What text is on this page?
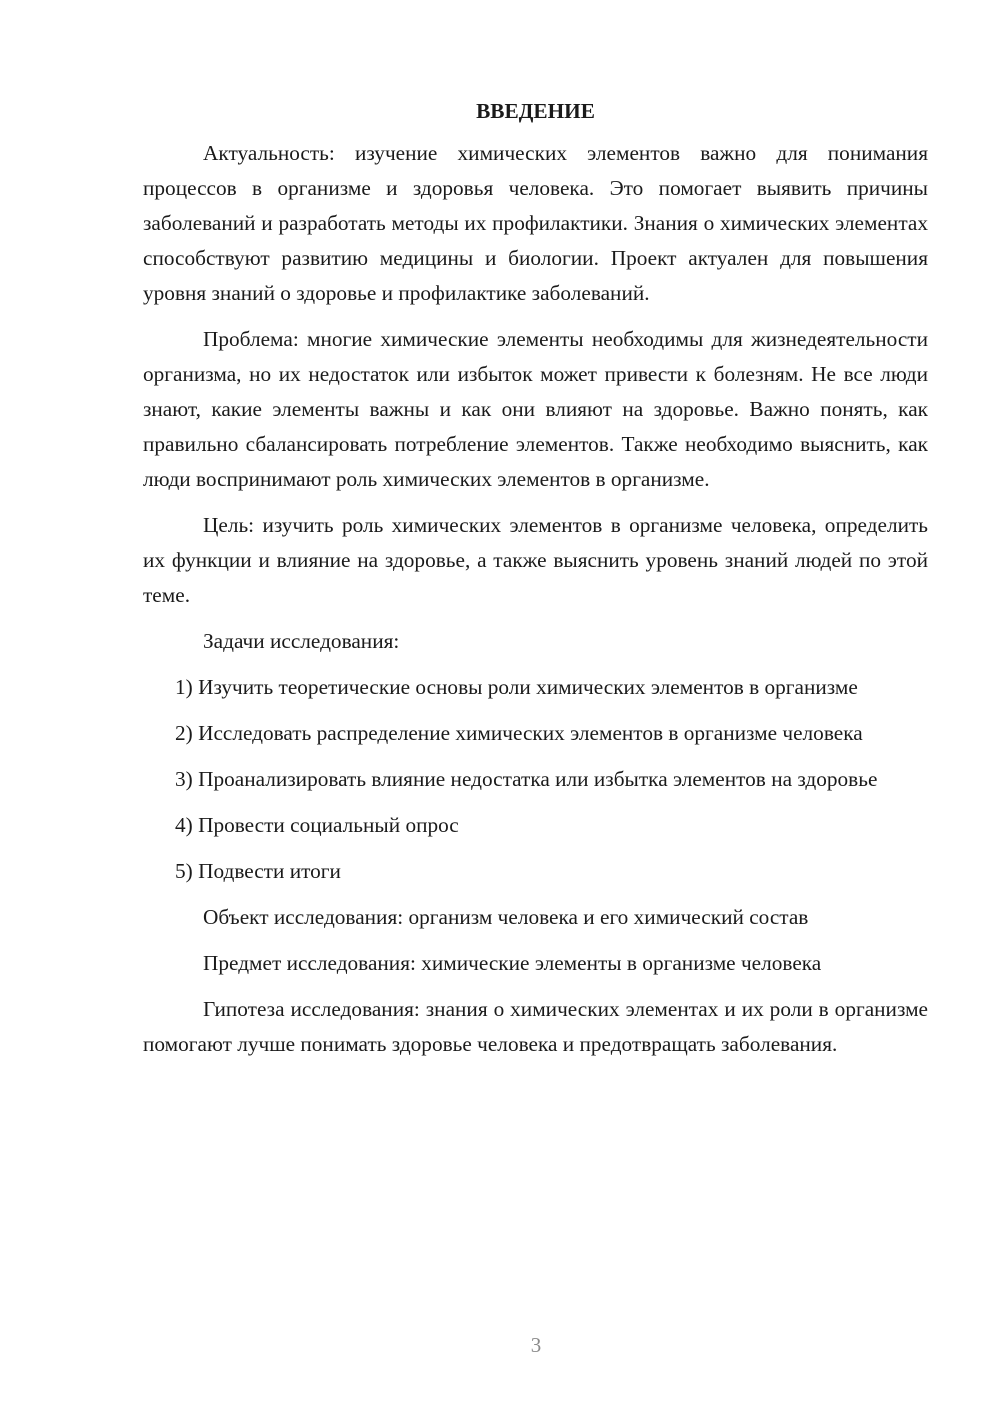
ВВЕДЕНИЕ

Актуальность: изучение химических элементов важно для понимания процессов в организме и здоровья человека. Это помогает выявить причины заболеваний и разработать методы их профилактики. Знания о химических элементах способствуют развитию медицины и биологии. Проект актуален для повышения уровня знаний о здоровье и профилактике заболеваний.

Проблема: многие химические элементы необходимы для жизнедеятельности организма, но их недостаток или избыток может привести к болезням. Не все люди знают, какие элементы важны и как они влияют на здоровье. Важно понять, как правильно сбалансировать потребление элементов. Также необходимо выяснить, как люди воспринимают роль химических элементов в организме.

Цель: изучить роль химических элементов в организме человека, определить их функции и влияние на здоровье, а также выяснить уровень знаний людей по этой теме.

Задачи исследования:

1) Изучить теоретические основы роли химических элементов в организме

2) Исследовать распределение химических элементов в организме человека

3) Проанализировать влияние недостатка или избытка элементов на здоровье

4) Провести социальный опрос

5) Подвести итоги

Объект исследования: организм человека и его химический состав

Предмет исследования: химические элементы в организме человека

Гипотеза исследования: знания о химических элементах и их роли в организме помогают лучше понимать здоровье человека и предотвращать заболевания.

3
